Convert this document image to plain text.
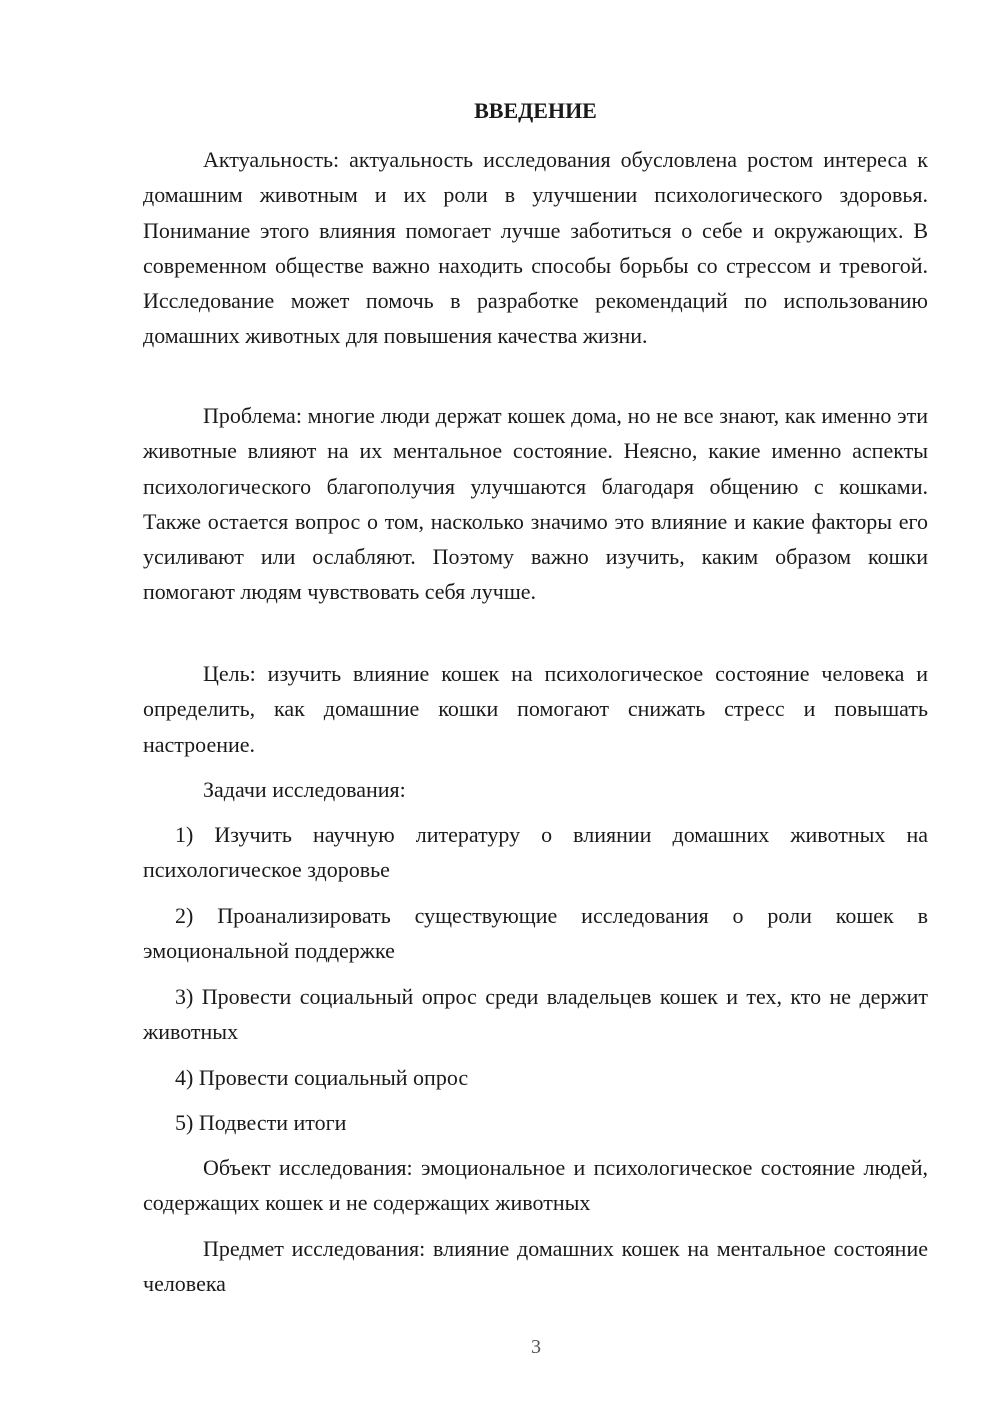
ВВЕДЕНИЕ

Актуальность: актуальность исследования обусловлена ростом интереса к домашним животным и их роли в улучшении психологического здоровья. Понимание этого влияния помогает лучше заботиться о себе и окружающих. В современном обществе важно находить способы борьбы со стрессом и тревогой. Исследование может помочь в разработке рекомендаций по использованию домашних животных для повышения качества жизни.

Проблема: многие люди держат кошек дома, но не все знают, как именно эти животные влияют на их ментальное состояние. Неясно, какие именно аспекты психологического благополучия улучшаются благодаря общению с кошками. Также остается вопрос о том, насколько значимо это влияние и какие факторы его усиливают или ослабляют. Поэтому важно изучить, каким образом кошки помогают людям чувствовать себя лучше.

Цель: изучить влияние кошек на психологическое состояние человека и определить, как домашние кошки помогают снижать стресс и повышать настроение.

Задачи исследования:

1) Изучить научную литературу о влиянии домашних животных на психологическое здоровье

2) Проанализировать существующие исследования о роли кошек в эмоциональной поддержке

3) Провести социальный опрос среди владельцев кошек и тех, кто не держит животных

4) Провести социальный опрос

5) Подвести итоги

Объект исследования: эмоциональное и психологическое состояние людей, содержащих кошек и не содержащих животных

Предмет исследования: влияние домашних кошек на ментальное состояние человека

3
